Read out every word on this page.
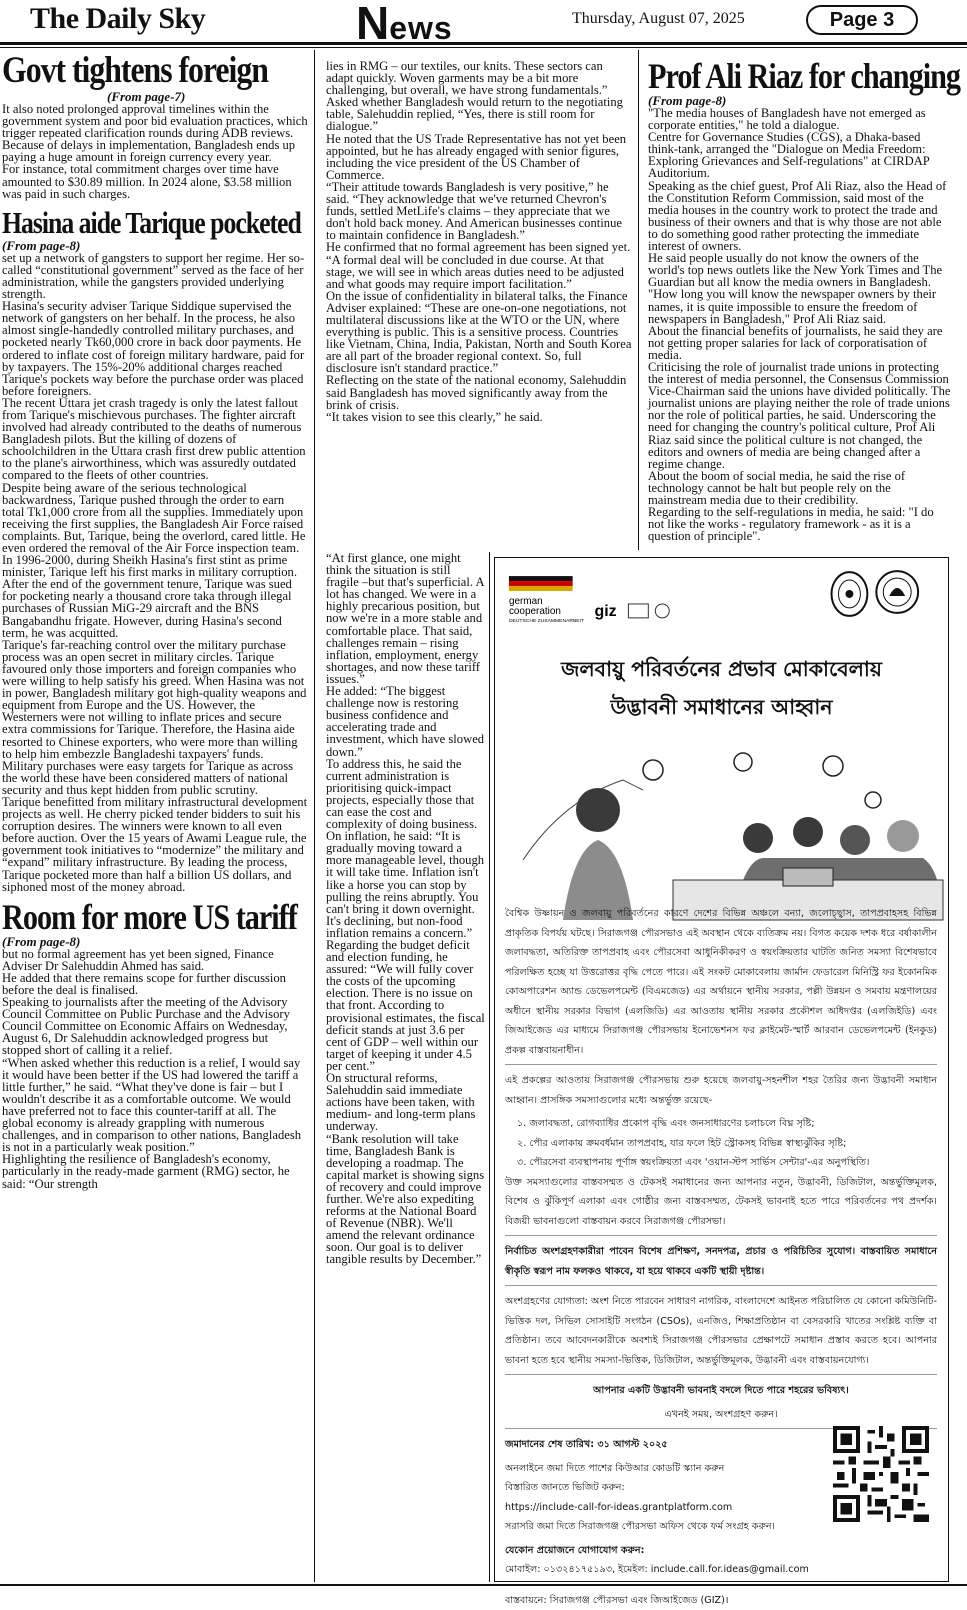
The Daily Sky	News	Thursday, August 07, 2025	Page 3
Govt tightens foreign
(From page-7)

It also noted prolonged approval timelines within the government system and poor bid evaluation practices, which trigger repeated clarification rounds during ADB reviews.

Because of delays in implementation, Bangladesh ends up paying a huge amount in foreign currency every year.

For instance, total commitment charges over time have amounted to $30.89 million. In 2024 alone, $3.58 million was paid in such charges.

Hasina aide Tarique pocketed
(From page-8)

set up a network of gangsters to support her regime. Her so-called “constitutional government” served as the face of her administration, while the gangsters provided underlying strength.

Hasina's security adviser Tarique Siddique supervised the network of gangsters on her behalf. In the process, he also almost single-handedly controlled military purchases, and pocketed nearly Tk60,000 crore in back door payments. He ordered to inflate cost of foreign military hardware, paid for by taxpayers. The 15%-20% additional charges reached Tarique's pockets way before the purchase order was placed before foreigners.

The recent Uttara jet crash tragedy is only the latest fallout from Tarique's mischievous purchases. The fighter aircraft involved had already contributed to the deaths of numerous Bangladesh pilots. But the killing of dozens of schoolchildren in the Uttara crash first drew public attention to the plane's airworthiness, which was assuredly outdated compared to the fleets of other countries.

Despite being aware of the serious technological backwardness, Tarique pushed through the order to earn total Tk1,000 crore from all the supplies. Immediately upon receiving the first supplies, the Bangladesh Air Force raised complaints. But, Tarique, being the overlord, cared little. He even ordered the removal of the Air Force inspection team.

In 1996-2000, during Sheikh Hasina's first stint as prime minister, Tarique left his first marks in military corruption. After the end of the government tenure, Tarique was sued for pocketing nearly a thousand crore taka through illegal purchases of Russian MiG-29 aircraft and the BNS Bangabandhu frigate. However, during Hasina's second term, he was acquitted.

Tarique's far-reaching control over the military purchase process was an open secret in military circles. Tarique favoured only those importers and foreign companies who were willing to help satisfy his greed. When Hasina was not in power, Bangladesh military got high-quality weapons and equipment from Europe and the US. However, the Westerners were not willing to inflate prices and secure extra commissions for Tarique. Therefore, the Hasina aide resorted to Chinese exporters, who were more than willing to help him embezzle Bangladeshi taxpayers' funds.

Military purchases were easy targets for Tarique as across the world these have been considered matters of national security and thus kept hidden from public scrutiny.

Tarique benefitted from military infrastructural development projects as well. He cherry picked tender bidders to suit his corruption desires. The winners were known to all even before auction. Over the 15 years of Awami League rule, the government took initiatives to “modernize” the military and “expand” military infrastructure. By leading the process, Tarique pocketed more than half a billion US dollars, and siphoned most of the money abroad.

Room for more US tariff
(From page-8)

but no formal agreement has yet been signed, Finance Adviser Dr Salehuddin Ahmed has said.

He added that there remains scope for further discussion before the deal is finalised.

Speaking to journalists after the meeting of the Advisory Council Committee on Public Purchase and the Advisory Council Committee on Economic Affairs on Wednesday, August 6, Dr Salehuddin acknowledged progress but stopped short of calling it a relief.

“When asked whether this reduction is a relief, I would say it would have been better if the US had lowered the tariff a little further,” he said. “What they've done is fair – but I wouldn't describe it as a comfortable outcome. We would have preferred not to face this counter-tariff at all. The global economy is already grappling with numerous challenges, and in comparison to other nations, Bangladesh is not in a particularly weak position.”

Highlighting the resilience of Bangladesh's economy, particularly in the ready-made garment (RMG) sector, he said: “Our strength

lies in RMG – our textiles, our knits. These sectors can adapt quickly. Woven garments may be a bit more challenging, but overall, we have strong fundamentals.”

Asked whether Bangladesh would return to the negotiating table, Salehuddin replied, “Yes, there is still room for dialogue.”

He noted that the US Trade Representative has not yet been appointed, but he has already engaged with senior figures, including the vice president of the US Chamber of Commerce.

“Their attitude towards Bangladesh is very positive,” he said. “They acknowledge that we've returned Chevron's funds, settled MetLife's claims – they appreciate that we don't hold back money. And American businesses continue to maintain confidence in Bangladesh.”

He confirmed that no formal agreement has been signed yet. “A formal deal will be concluded in due course. At that stage, we will see in which areas duties need to be adjusted and what goods may require import facilitation.”

On the issue of confidentiality in bilateral talks, the Finance Adviser explained: “These are one-on-one negotiations, not multilateral discussions like at the WTO or the UN, where everything is public. This is a sensitive process. Countries like Vietnam, China, India, Pakistan, North and South Korea are all part of the broader regional context. So, full disclosure isn't standard practice.”

Reflecting on the state of the national economy, Salehuddin said Bangladesh has moved significantly away from the brink of crisis.

“It takes vision to see this clearly,” he said.

“At first glance, one might think the situation is still fragile –but that's superficial. A lot has changed. We were in a highly precarious position, but now we're in a more stable and comfortable place. That said, challenges remain – rising inflation, employment, energy shortages, and now these tariff issues.”

He added: “The biggest challenge now is restoring business confidence and accelerating trade and investment, which have slowed down.”

To address this, he said the current administration is prioritising quick-impact projects, especially those that can ease the cost and complexity of doing business.

On inflation, he said: “It is gradually moving toward a more manageable level, though it will take time. Inflation isn't like a horse you can stop by pulling the reins abruptly. You can't bring it down overnight. It's declining, but non-food inflation remains a concern.”

Regarding the budget deficit and election funding, he assured: “We will fully cover the costs of the upcoming election. There is no issue on that front. According to provisional estimates, the fiscal deficit stands at just 3.6 per cent of GDP – well within our target of keeping it under 4.5 per cent.”

On structural reforms, Salehuddin said immediate actions have been taken, with medium- and long-term plans underway.

“Bank resolution will take time, Bangladesh Bank is developing a roadmap. The capital market is showing signs of recovery and could improve further. We're also expediting reforms at the National Board of Revenue (NBR). We'll amend the relevant ordinance soon. Our goal is to deliver tangible results by December.”

Prof Ali Riaz for changing
(From page-8)

"The media houses of Bangladesh have not emerged as corporate entities," he told a dialogue.

Centre for Governance Studies (CGS), a Dhaka-based think-tank, arranged the "Dialogue on Media Freedom: Exploring Grievances and Self-regulations" at CIRDAP Auditorium.

Speaking as the chief guest, Prof Ali Riaz, also the Head of the Constitution Reform Commission, said most of the media houses in the country work to protect the trade and business of their owners and that is why those are not able to do something good rather protecting the immediate interest of owners.

He said people usually do not know the owners of the world's top news outlets like the New York Times and The Guardian but all know the media owners in Bangladesh.

"How long you will know the newspaper owners by their names, it is quite impossible to ensure the freedom of newspapers in Bangladesh," Prof Ali Riaz said.

About the financial benefits of journalists, he said they are not getting proper salaries for lack of corporatisation of media.

Criticising the role of journalist trade unions in protecting the interest of media personnel, the Consensus Commission Vice-Chairman said the unions have divided politically. The journalist unions are playing neither the role of trade unions nor the role of political parties, he said. Underscoring the need for changing the country's political culture, Prof Ali Riaz said since the political culture is not changed, the editors and owners of media are being changed after a regime change.

About the boom of social media, he said the rise of technology cannot be halt but people rely on the mainstream media due to their credibility.

Regarding to the self-regulations in media, he said: "I do not like the works - regulatory framework - as it is a question of principle".

german
cooperation
DEUTSCHE ZUSAMMENARBEIT
giz
জলবায়ু পরিবর্তনের প্রভাব মোকাবেলায়
উদ্ভাবনী সমাধানের আহ্বান

বৈশ্বিক উষ্ণায়ন ও জলবায়ু পরিবর্তনের কারণে দেশের বিভিন্ন অঞ্চলে বন্যা, জলোচ্ছ্বাস, তাপপ্রবাহসহ বিভিন্ন প্রাকৃতিক বিপর্যয় ঘটছে। সিরাজগঞ্জ পৌরসভাও এই অবস্থান থেকে ব্যতিক্রম নয়। বিগত কয়েক দশক ধরে বর্ষাকালীন জলাবদ্ধতা, অতিরিক্ত তাপপ্রবাহ এবং পৌরসেবা আধুনিকীকরণ ও স্বয়ংক্রিয়তার ঘাটতি জনিত সমস্যা বিশেষভাবে পরিলক্ষিত হচ্ছে যা উত্তরোত্তর বৃদ্ধি পেতে পারে। এই সংকট মোকাবেলায় জার্মান ফেডারেল মিনিস্ট্রি ফর ইকোনমিক কোঅপারেশন অ্যান্ড ডেভেলপমেন্ট (বিএমজেড) এর অর্থায়নে স্থানীয় সরকার, পল্লী উন্নয়ন ও সমবায় মন্ত্রণালয়ের অধীনে স্থানীয় সরকার বিভাগ (এলজিডি) এর আওতায় স্থানীয় সরকার প্রকৌশল অধিদপ্তর (এলজিইডি) এবং জিআইজেড এর মাধ্যমে সিরাজগঞ্জ পৌরসভায় ইনোভেশনস ফর ক্লাইমেট-স্মার্ট আরবান ডেভেলপমেন্ট (ইনকুড) প্রকল্প বাস্তবায়নাধীন।

এই প্রকল্পের আওতায় সিরাজগঞ্জ পৌরসভায় শুরু হয়েছে জলবায়ু-সহনশীল শহর তৈরির জন্য উদ্ভাবনী সমাধান আহ্বান। প্রাসঙ্গিক সমস্যাগুলোর মধ্যে অন্তর্ভুক্ত রয়েছে-

১. জলাবদ্ধতা, রোগব্যাধির প্রকোপ বৃদ্ধি এবং জনসাধারণের চলাচলে বিঘ্ন সৃষ্টি;

২. পৌর এলাকায় ক্রমবর্ধমান তাপপ্রবাহ, যার ফলে হিট স্ট্রোকসহ বিভিন্ন স্বাস্থ্যঝুঁকির সৃষ্টি;

৩. পৌরসেবা ব্যবস্থাপনায় পূর্ণাঙ্গ স্বয়ংক্রিয়তা এবং 'ওয়ান-স্টপ সার্ভিস সেন্টার'-এর অনুপস্থিতি।

উক্ত সমস্যাগুলোর বাস্তবসম্মত ও টেকসই সমাধানের জন্য আপনার নতুন, উদ্ভাবনী, ডিজিটাল, অন্তর্ভুক্তিমূলক, বিশেষ ও ঝুঁকিপূর্ণ এলাকা এবং গোষ্ঠীর জন্য বাস্তবসম্মত, টেকসই ভাবনাই হতে পারে পরিবর্তনের পথ প্রদর্শক। বিজয়ী ভাবনাগুলো বাস্তবায়ন করবে সিরাজগঞ্জ পৌরসভা।

নির্বাচিত অংশগ্রহণকারীরা পাবেন বিশেষ প্রশিক্ষণ, সনদপত্র, প্রচার ও পরিচিতির সুযোগ। বাস্তবায়িত সমাধানে স্বীকৃতি স্বরূপ নাম ফলকও থাকবে, যা হয়ে থাকবে একটি স্থায়ী দৃষ্টান্ত।

অংশগ্রহণের যোগ্যতা: অংশ নিতে পারবেন সাধারণ নাগরিক, বাংলাদেশে আইনত পরিচালিত যে কোনো কমিউনিটি-ভিত্তিক দল, সিভিল সোসাইটি সংগঠন (CSOs), এনজিও, শিক্ষাপ্রতিষ্ঠান বা বেসরকারি খাতের সংশ্লিষ্ট ব্যক্তি বা প্রতিষ্ঠান। তবে আবেদনকারীকে অবশ্যই সিরাজগঞ্জ পৌরসভার প্রেক্ষাপটে সমাধান প্রস্তাব করতে হবে। আপনার ভাবনা হতে হবে স্থানীয় সমস্যা-ভিত্তিক, ডিজিটাল, অন্তর্ভুক্তিমূলক, উদ্ভাবনী এবং বাস্তবায়নযোগ্য।

আপনার একটি উদ্ভাবনী ভাবনাই বদলে দিতে পারে শহরের ভবিষ্যৎ।

এখনই সময়, অংশগ্রহণ করুন।

জমাদানের শেষ তারিখ: ৩১ আগস্ট ২০২৫

অনলাইনে জমা দিতে পাশের কিউআর কোডটি স্ক্যান করুন

বিস্তারিত জানতে ভিজিট করুন:

https://include-call-for-ideas.grantplatform.com

সরাসরি জমা দিতে সিরাজগঞ্জ পৌরসভা অফিস থেকে ফর্ম সংগ্রহ করুন।

যেকোন প্রয়োজনে যোগাযোগ করুন:

মোবাইল: ০১৩২৪১৭৫১৯৩, ইমেইল: include.call.for.ideas@gmail.com

বাস্তবায়নে: সিরাজগঞ্জ পৌরসভা এবং জিআইজেড (GIZ)।
